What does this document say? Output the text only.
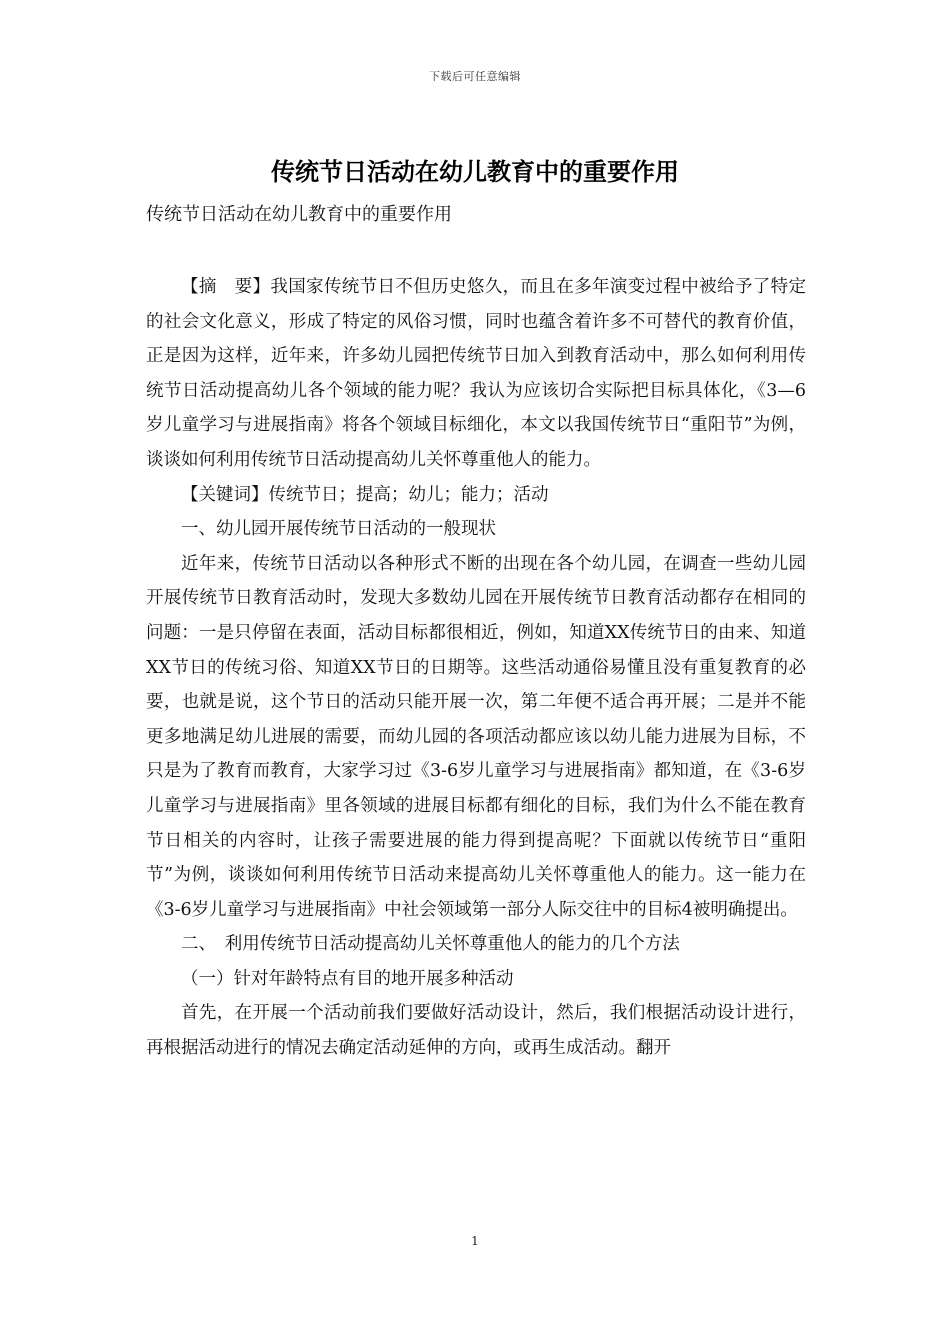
下载后可任意编辑
传统节日活动在幼儿教育中的重要作用
传统节日活动在幼儿教育中的重要作用

【摘　要】我国家传统节日不但历史悠久，而且在多年演变过程中被给予了特定的社会文化意义，形成了特定的风俗习惯，同时也蕴含着许多不可替代的教育价值，正是因为这样，近年来，许多幼儿园把传统节日加入到教育活动中，那么如何利用传统节日活动提高幼儿各个领域的能力呢？我认为应该切合实际把目标具体化，《3—6岁儿童学习与进展指南》将各个领域目标细化，本文以我国传统节日“重阳节”为例，谈谈如何利用传统节日活动提高幼儿关怀尊重他人的能力。

【关键词】传统节日；提高；幼儿；能力；活动

一、幼儿园开展传统节日活动的一般现状

近年来，传统节日活动以各种形式不断的出现在各个幼儿园，在调查一些幼儿园开展传统节日教育活动时，发现大多数幼儿园在开展传统节日教育活动都存在相同的问题：一是只停留在表面，活动目标都很相近，例如，知道XX传统节日的由来、知道XX节日的传统习俗、知道XX节日的日期等。这些活动通俗易懂且没有重复教育的必要，也就是说，这个节日的活动只能开展一次，第二年便不适合再开展；二是并不能更多地满足幼儿进展的需要，而幼儿园的各项活动都应该以幼儿能力进展为目标，不只是为了教育而教育，大家学习过《3-6岁儿童学习与进展指南》都知道，在《3-6岁儿童学习与进展指南》里各领域的进展目标都有细化的目标，我们为什么不能在教育节日相关的内容时，让孩子需要进展的能力得到提高呢？下面就以传统节日“重阳节”为例，谈谈如何利用传统节日活动来提高幼儿关怀尊重他人的能力。这一能力在《3-6岁儿童学习与进展指南》中社会领域第一部分人际交往中的目标4被明确提出。

二、　利用传统节日活动提高幼儿关怀尊重他人的能力的几个方法

（一）针对年龄特点有目的地开展多种活动

首先，在开展一个活动前我们要做好活动设计，然后，我们根据活动设计进行，再根据活动进行的情况去确定活动延伸的方向，或再生成活动。翻开

1
